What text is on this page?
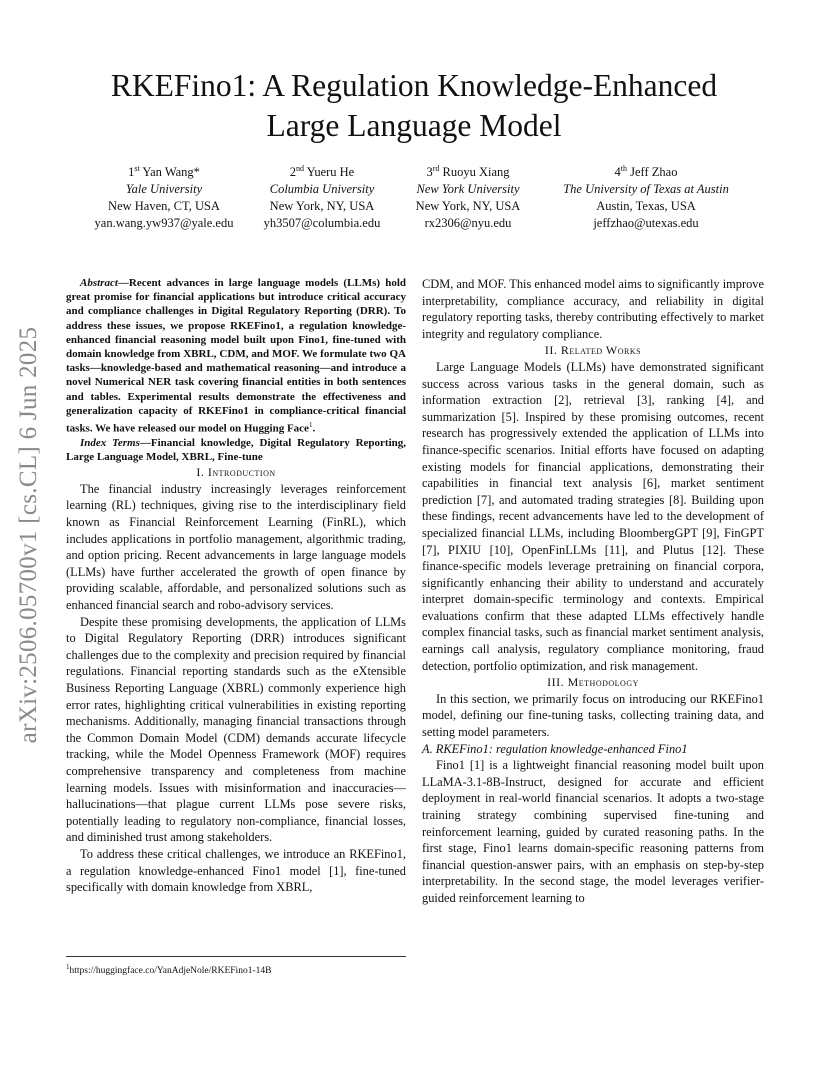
arXiv:2506.05700v1 [cs.CL] 6 Jun 2025
RKEFino1: A Regulation Knowledge-Enhanced
Large Language Model
1st Yan Wang*
Yale University
New Haven, CT, USA
yan.wang.yw937@yale.edu
2nd Yueru He
Columbia University
New York, NY, USA
yh3507@columbia.edu
3rd Ruoyu Xiang
New York University
New York, NY, USA
rx2306@nyu.edu
4th Jeff Zhao
The University of Texas at Austin
Austin, Texas, USA
jeffzhao@utexas.edu

Abstract—Recent advances in large language models (LLMs) hold great promise for financial applications but introduce critical accuracy and compliance challenges in Digital Regulatory Reporting (DRR). To address these issues, we propose RKEFino1, a regulation knowledge-enhanced financial reasoning model built upon Fino1, fine-tuned with domain knowledge from XBRL, CDM, and MOF. We formulate two QA tasks—knowledge-based and mathematical reasoning—and introduce a novel Numerical NER task covering financial entities in both sentences and tables. Experimental results demonstrate the effectiveness and generalization capacity of RKEFino1 in compliance-critical financial tasks. We have released our model on Hugging Face$^1$.

Index Terms—Financial knowledge, Digital Regulatory Reporting, Large Language Model, XBRL, Fine-tune

I. Introduction

The financial industry increasingly leverages reinforcement learning (RL) techniques, giving rise to the interdisciplinary field known as Financial Reinforcement Learning (FinRL), which includes applications in portfolio management, algorithmic trading, and option pricing. Recent advancements in large language models (LLMs) have further accelerated the growth of open finance by providing scalable, affordable, and personalized solutions such as enhanced financial search and robo-advisory services.

Despite these promising developments, the application of LLMs to Digital Regulatory Reporting (DRR) introduces significant challenges due to the complexity and precision required by financial regulations. Financial reporting standards such as the eXtensible Business Reporting Language (XBRL) commonly experience high error rates, highlighting critical vulnerabilities in existing reporting mechanisms. Additionally, managing financial transactions through the Common Domain Model (CDM) demands accurate lifecycle tracking, while the Model Openness Framework (MOF) requires comprehensive transparency and completeness from machine learning models. Issues with misinformation and inaccuracies—hallucinations—that plague current LLMs pose severe risks, potentially leading to regulatory non-compliance, financial losses, and diminished trust among stakeholders.

To address these critical challenges, we introduce an RKEFino1, a regulation knowledge-enhanced Fino1 model [1], fine-tuned specifically with domain knowledge from XBRL,

CDM, and MOF. This enhanced model aims to significantly improve interpretability, compliance accuracy, and reliability in digital regulatory reporting tasks, thereby contributing effectively to market integrity and regulatory compliance.

II. Related Works

Large Language Models (LLMs) have demonstrated significant success across various tasks in the general domain, such as information extraction [2], retrieval [3], ranking [4], and summarization [5]. Inspired by these promising outcomes, recent research has progressively extended the application of LLMs into finance-specific scenarios. Initial efforts have focused on adapting existing models for financial applications, demonstrating their capabilities in financial text analysis [6], market sentiment prediction [7], and automated trading strategies [8]. Building upon these findings, recent advancements have led to the development of specialized financial LLMs, including BloombergGPT [9], FinGPT [7], PIXIU [10], OpenFinLLMs [11], and Plutus [12]. These finance-specific models leverage pretraining on financial corpora, significantly enhancing their ability to understand and accurately interpret domain-specific terminology and contexts. Empirical evaluations confirm that these adapted LLMs effectively handle complex financial tasks, such as financial market sentiment analysis, earnings call analysis, regulatory compliance monitoring, fraud detection, portfolio optimization, and risk management.

III. Methodology

In this section, we primarily focus on introducing our RKEFino1 model, defining our fine-tuning tasks, collecting training data, and setting model parameters.

A. RKEFino1: regulation knowledge-enhanced Fino1

Fino1 [1] is a lightweight financial reasoning model built upon LLaMA-3.1-8B-Instruct, designed for accurate and efficient deployment in real-world financial scenarios. It adopts a two-stage training strategy combining supervised fine-tuning and reinforcement learning, guided by curated reasoning paths. In the first stage, Fino1 learns domain-specific reasoning patterns from financial question-answer pairs, with an emphasis on step-by-step interpretability. In the second stage, the model leverages verifier-guided reinforcement learning to

$^1$https://huggingface.co/YanAdjeNole/RKEFino1-14B
